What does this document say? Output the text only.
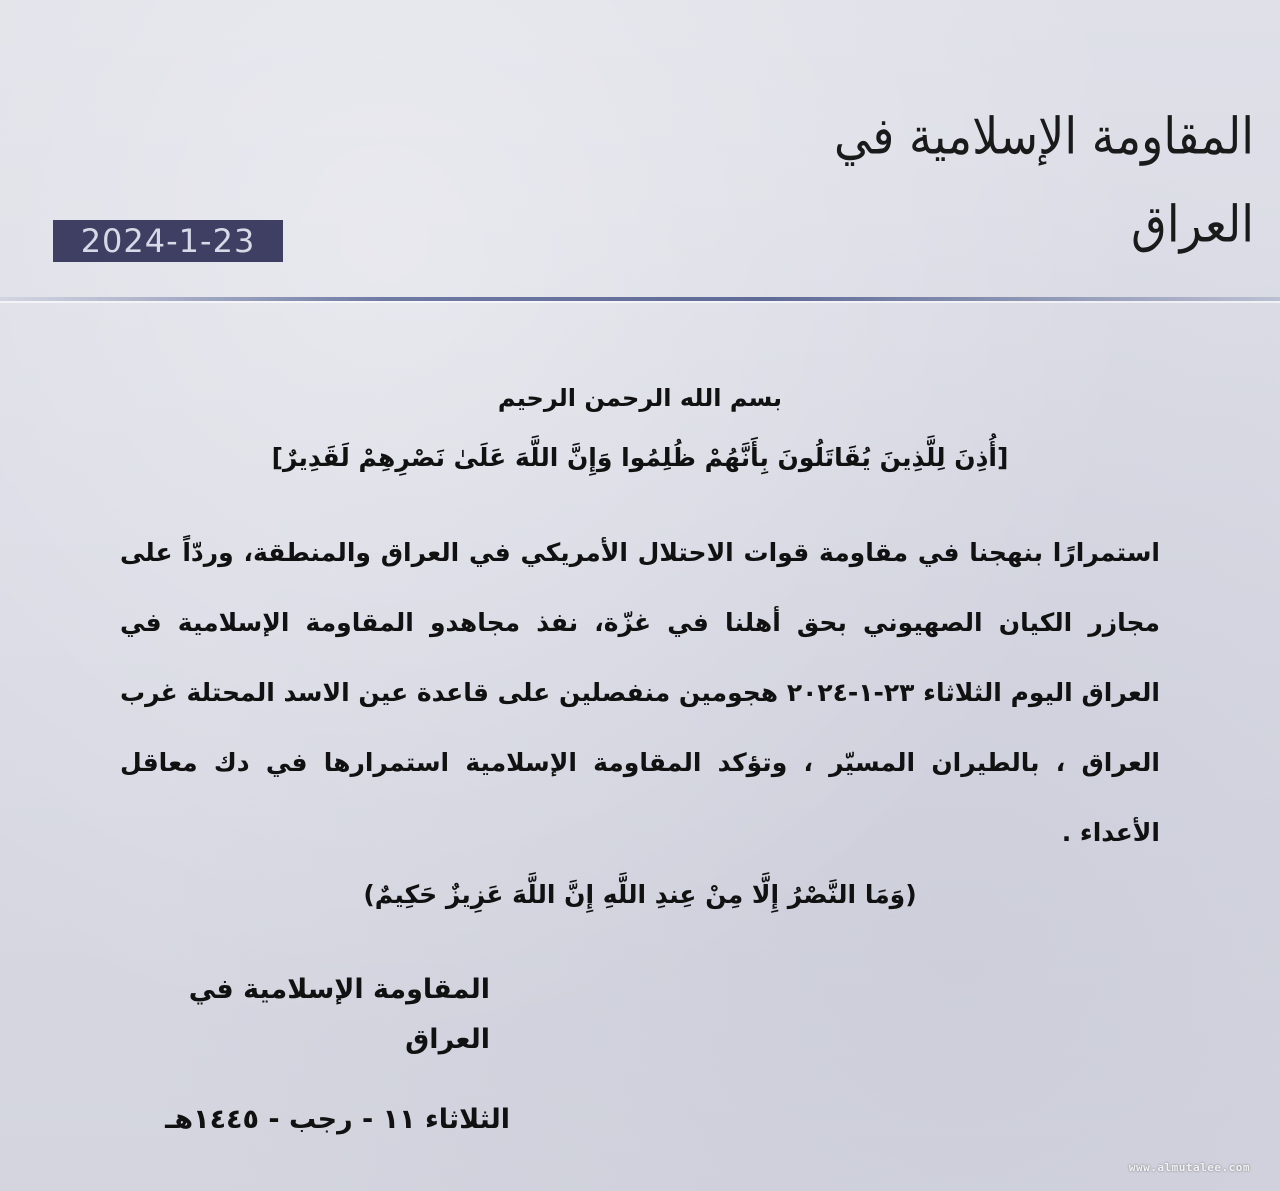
المقاومة الإسلامية في العراق
2024-1-23
بسم الله الرحمن الرحيم
[أُذِنَ لِلَّذِينَ يُقَاتَلُونَ بِأَنَّهُمْ ظُلِمُوا وَإِنَّ اللَّهَ عَلَىٰ نَصْرِهِمْ لَقَدِيرٌ]
استمرارًا بنهجنا في مقاومة قوات الاحتلال الأمريكي في العراق والمنطقة، وردّاً على مجازر الكيان الصهيوني بحق أهلنا في غزّة، نفذ مجاهدو المقاومة الإسلامية في العراق اليوم الثلاثاء ٢٣-١-٢٠٢٤ هجومين منفصلين على قاعدة عين الاسد المحتلة غرب العراق ، بالطيران المسيّر ، وتؤكد المقاومة الإسلامية استمرارها في دك معاقل الأعداء .
(وَمَا النَّصْرُ إِلَّا مِنْ عِندِ اللَّهِ إِنَّ اللَّهَ عَزِيزٌ حَكِيمٌ)
المقاومة الإسلامية في العراق
الثلاثاء ١١ - رجب - ١٤٤٥هـ
www.almutalee.com
